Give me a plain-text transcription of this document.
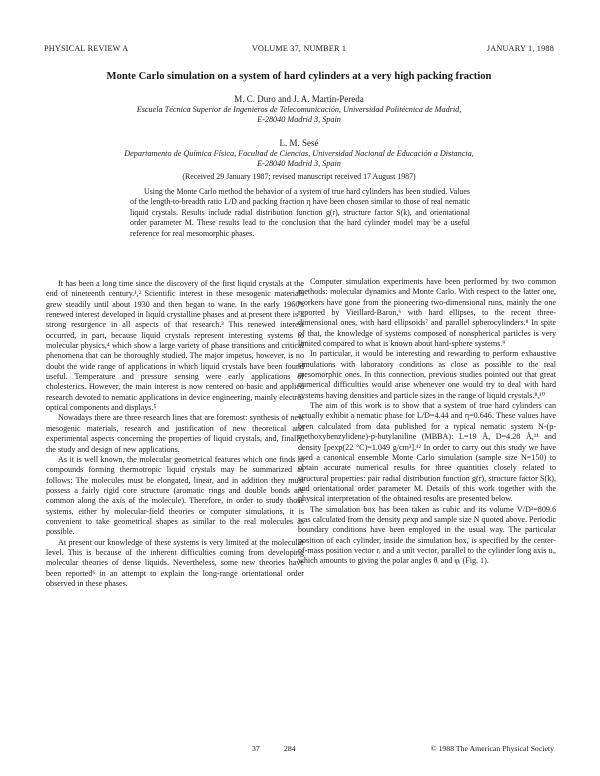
PHYSICAL REVIEW A	VOLUME 37, NUMBER 1	JANUARY 1, 1988
Monte Carlo simulation on a system of hard cylinders at a very high packing fraction
M. C. Duro and J. A. Martín-Pereda
Escuela Técnica Superior de Ingenieros de Telecomunicación, Universidad Politécnica de Madrid,
E-28040 Madrid 3, Spain
L. M. Sesé
Departamento de Química Física, Facultad de Ciencias, Universidad Nacional de Educación a Distancia,
E-28040 Madrid 3, Spain
(Received 29 January 1987; revised manuscript received 17 August 1987)

Using the Monte Carlo method the behavior of a system of true hard cylinders has been studied. Values of the length-to-breadth ratio L/D and packing fraction η have been chosen similar to those of real nematic liquid crystals. Results include radial distribution function g(r), structure factor S(k), and orientational order parameter M. These results lead to the conclusion that the hard cylinder model may be a useful reference for real mesomorphic phases.

It has been a long time since the discovery of the first liquid crystals at the end of nineteenth century.¹,² Scientific interest in these mesogenic materials grew steadily until about 1930 and then began to wane. In the early 1960's renewed interest developed in liquid crystalline phases and at present there is a strong resurgence in all aspects of that research.³ This renewed interest occurred, in part, because liquid crystals represent interesting systems to molecular physics,⁴ which show a large variety of phase transitions and critical phenomena that can be thoroughly studied. The major impetus, however, is no doubt the wide range of applications in which liquid crystals have been found useful. Temperature and pressure sensing were early applications of cholesterics. However, the main interest is now centered on basic and applied research devoted to nematic applications in device engineering, mainly electro-optical components and displays.⁵

Nowadays there are three research lines that are foremost: synthesis of new mesogenic materials, research and justification of new theoretical and experimental aspects concerning the properties of liquid crystals, and, finally, the study and design of new applications.

As it is well known, the molecular geometrical features which one finds in compounds forming thermotropic liquid crystals may be summarized as follows: The molecules must be elongated, linear, and in addition they must possess a fairly rigid core structure (aromatic rings and double bonds are common along the axis of the molecule). Therefore, in order to study those systems, either by molecular-field theories or computer simulations, it is convenient to take geometrical shapes as similar to the real molecules as possible.

At present our knowledge of these systems is very limited at the molecular level. This is because of the inherent difficulties coming from developing molecular theories of dense liquids. Nevertheless, some new theories have been reported⁶ in an attempt to explain the long-range orientational order observed in these phases.

Computer simulation experiments have been performed by two common methods: molecular dynamics and Monte Carlo. With respect to the latter one, workers have gone from the pioneering two-dimensional runs, mainly the one reported by Vieillard-Baron,⁶ with hard ellipses, to the recent three-dimensional ones, with hard ellipsoids⁷ and parallel spherocylinders.⁸ In spite of that, the knowledge of systems composed of nonspherical particles is very limited compared to what is known about hard-sphere systems.⁹

In particular, it would be interesting and rewarding to perform exhaustive simulations with laboratory conditions as close as possible to the real mesomorphic ones. In this connection, previous studies pointed out that great numerical difficulties would arise whenever one would try to deal with hard systems having densities and particle sizes in the range of liquid crystals.⁸,¹⁰

The aim of this work is to show that a system of true hard cylinders can actually exhibit a nematic phase for L/D=4.44 and η=0.646. These values have been calculated from data published for a typical nematic system N-(p-methoxybenzylidene)-p-butylaniline (MBBA): L=19 Å, D=4.28 Å,¹¹ and density [ρexp(22 °C)=1.049 g/cm³].¹² In order to carry out this study we have used a canonical ensemble Monte Carlo simulation (sample size N=150) to obtain accurate numerical results for three quantities closely related to structural properties: pair radial distribution function g(r), structure factor S(k), and orientational order parameter M. Details of this work together with the physical interpretation of the obtained results are presented below.

The simulation box has been taken as cubic and its volume V/D³=809.6 was calculated from the density ρexp and sample size N quoted above. Periodic boundary conditions have been employed in the usual way. The particular position of each cylinder, inside the simulation box, is specified by the center-of-mass position vector rᵢ and a unit vector, parallel to the cylinder long axis uᵢ, which amounts to giving the polar angles θᵢ and φᵢ (Fig. 1).

37	284	© 1988 The American Physical Society
